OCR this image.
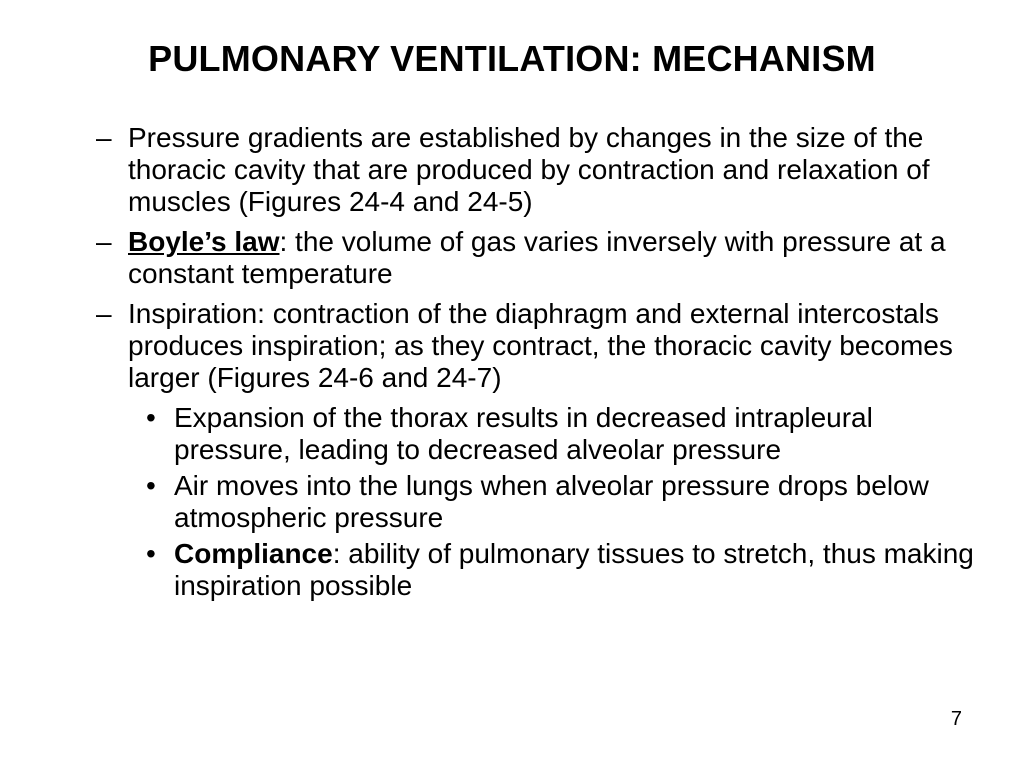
PULMONARY VENTILATION: MECHANISM
– Pressure gradients are established by changes in the size of the thoracic cavity that are produced by contraction and relaxation of muscles (Figures 24-4 and 24-5)
– Boyle’s law: the volume of gas varies inversely with pressure at a constant temperature
– Inspiration: contraction of the diaphragm and external intercostals produces inspiration; as they contract, the thoracic cavity becomes larger (Figures 24-6 and 24-7)
• Expansion of the thorax results in decreased intrapleural pressure, leading to decreased alveolar pressure
• Air moves into the lungs when alveolar pressure drops below atmospheric pressure
• Compliance: ability of pulmonary tissues to stretch, thus making inspiration possible
7
